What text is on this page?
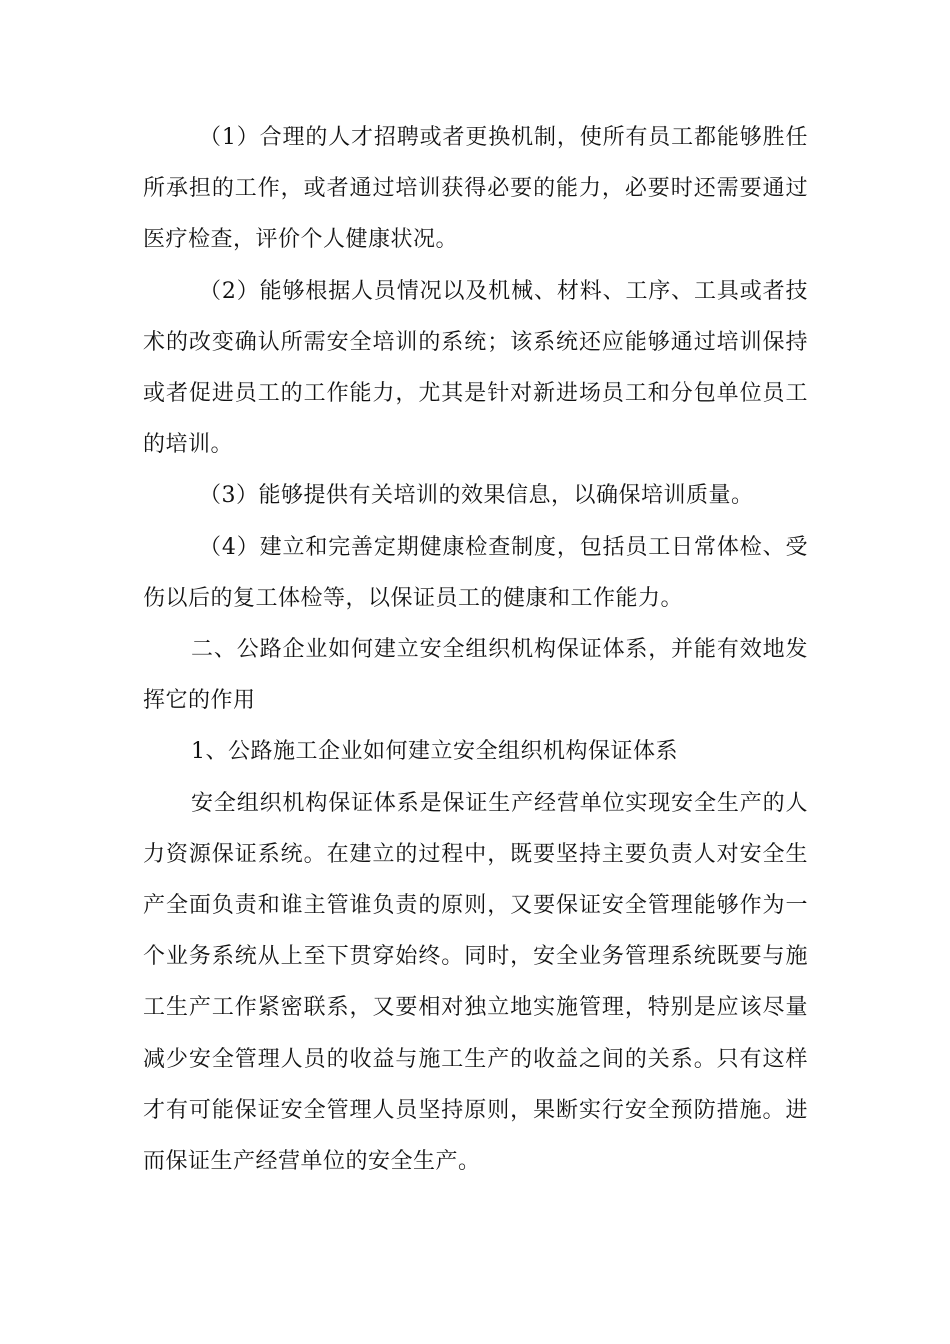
（1）合理的人才招聘或者更换机制，使所有员工都能够胜任所承担的工作，或者通过培训获得必要的能力，必要时还需要通过医疗检查，评价个人健康状况。

（2）能够根据人员情况以及机械、材料、工序、工具或者技术的改变确认所需安全培训的系统；该系统还应能够通过培训保持或者促进员工的工作能力，尤其是针对新进场员工和分包单位员工的培训。

（3）能够提供有关培训的效果信息，以确保培训质量。

（4）建立和完善定期健康检查制度，包括员工日常体检、受伤以后的复工体检等，以保证员工的健康和工作能力。

二、公路企业如何建立安全组织机构保证体系，并能有效地发挥它的作用

1、公路施工企业如何建立安全组织机构保证体系

安全组织机构保证体系是保证生产经营单位实现安全生产的人力资源保证系统。在建立的过程中，既要坚持主要负责人对安全生产全面负责和谁主管谁负责的原则，又要保证安全管理能够作为一个业务系统从上至下贯穿始终。同时，安全业务管理系统既要与施工生产工作紧密联系，又要相对独立地实施管理，特别是应该尽量减少安全管理人员的收益与施工生产的收益之间的关系。只有这样才有可能保证安全管理人员坚持原则，果断实行安全预防措施。进而保证生产经营单位的安全生产。
